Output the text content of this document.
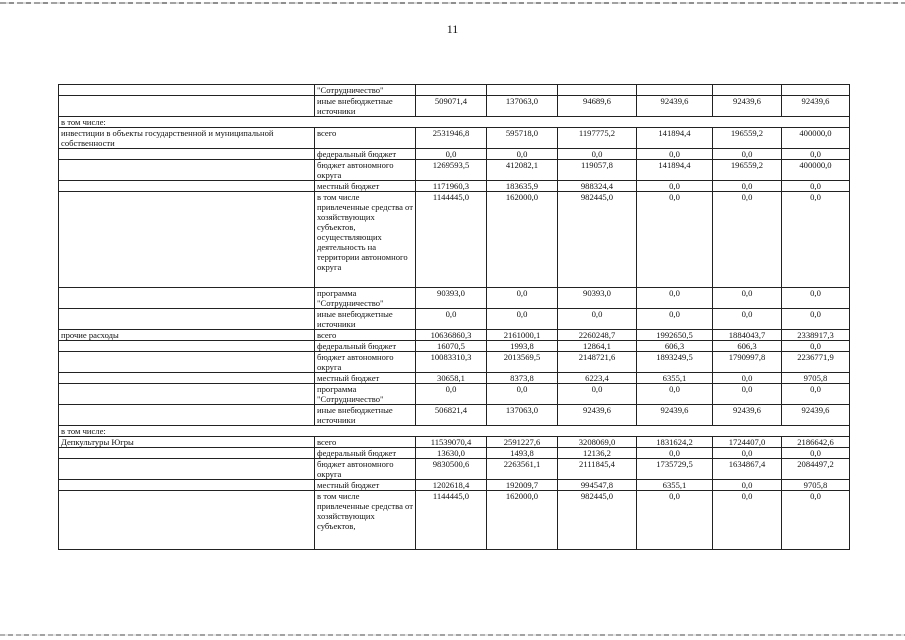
11
	"Сотрудничество"						
	иные внебюджетные источники	509071,4	137063,0	94689,6	92439,6	92439,6	92439,6
в том числе:							
инвестиции в объекты государственной и муниципальной собственности	всего	2531946,8	595718,0	1197775,2	141894,4	196559,2	400000,0
	федеральный бюджет	0,0	0,0	0,0	0,0	0,0	0,0
	бюджет автономного округа	1269593,5	412082,1	119057,8	141894,4	196559,2	400000,0
	местный бюджет	1171960,3	183635,9	988324,4	0,0	0,0	0,0
	в том числе привлеченные средства от хозяйствующих субъектов, осуществляющих деятельность на территории автономного округа	1144445,0	162000,0	982445,0	0,0	0,0	0,0
	программа "Сотрудничество"	90393,0	0,0	90393,0	0,0	0,0	0,0
	иные внебюджетные источники	0,0	0,0	0,0	0,0	0,0	0,0
прочие расходы	всего	10636860,3	2161000,1	2260248,7	1992650,5	1884043,7	2338917,3
	федеральный бюджет	16070,5	1993,8	12864,1	606,3	606,3	0,0
	бюджет автономного округа	10083310,3	2013569,5	2148721,6	1893249,5	1790997,8	2236771,9
	местный бюджет	30658,1	8373,8	6223,4	6355,1	0,0	9705,8
	программа "Сотрудничество"	0,0	0,0	0,0	0,0	0,0	0,0
	иные внебюджетные источники	506821,4	137063,0	92439,6	92439,6	92439,6	92439,6
в том числе:							
Депкультуры Югры	всего	11539070,4	2591227,6	3208069,0	1831624,2	1724407,0	2186642,6
	федеральный бюджет	13630,0	1493,8	12136,2	0,0	0,0	0,0
	бюджет автономного округа	9830500,6	2263561,1	2111845,4	1735729,5	1634867,4	2084497,2
	местный бюджет	1202618,4	192009,7	994547,8	6355,1	0,0	9705,8
	в том числе привлеченные средства от хозяйствующих субъектов,	1144445,0	162000,0	982445,0	0,0	0,0	0,0
